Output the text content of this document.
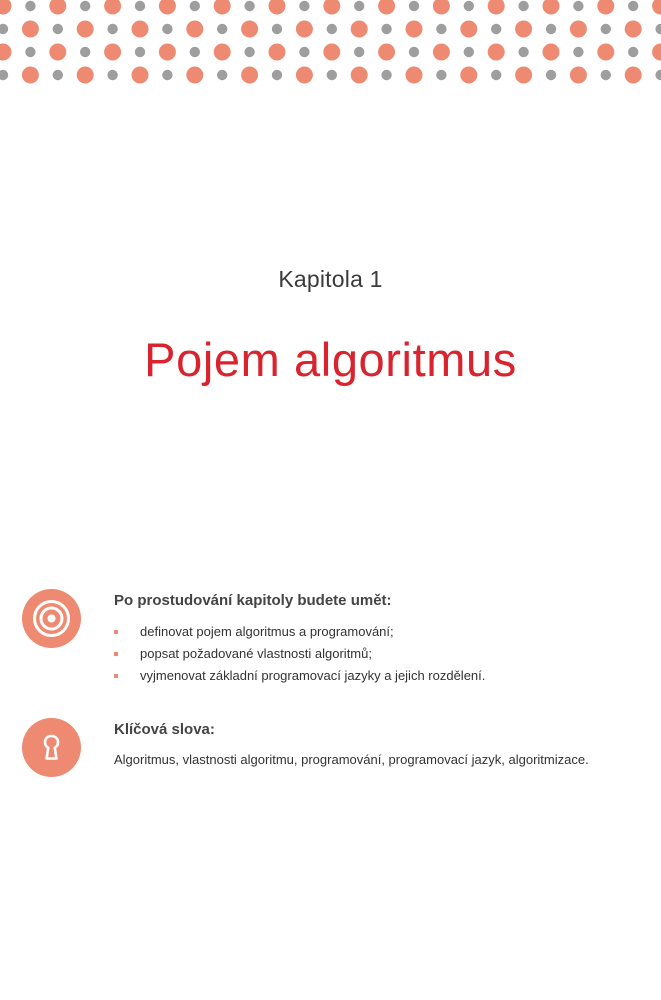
Kapitola 1
Pojem algoritmus
Po prostudování kapitoly budete umět:
definovat pojem algoritmus a programování;
popsat požadované vlastnosti algoritmů;
vyjmenovat základní programovací jazyky a jejich rozdělení.
Klíčová slova:
Algoritmus, vlastnosti algoritmu, programování, programovací jazyk, algoritmizace.
